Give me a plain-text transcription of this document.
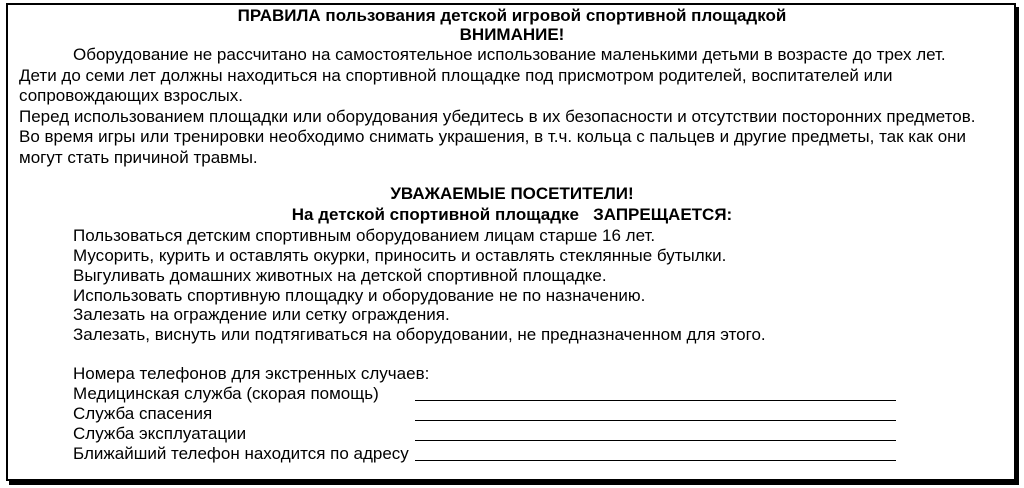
ПРАВИЛА пользования детской игровой спортивной площадкой
ВНИМАНИЕ!
Оборудование не рассчитано на самостоятельное использование маленькими детьми в возрасте до трех лет.
Дети до семи лет должны находиться на спортивной площадке под присмотром родителей, воспитателей или
сопровождающих взрослых.
Перед использованием площадки или оборудования убедитесь в их безопасности и отсутствии посторонних предметов.
Во время игры или тренировки необходимо снимать украшения, в т.ч. кольца с пальцев и другие предметы, так как они
могут стать причиной травмы.
УВАЖАЕМЫЕ ПОСЕТИТЕЛИ!
На детской спортивной площадке   ЗАПРЕЩАЕТСЯ:
Пользоваться детским спортивным оборудованием лицам старше 16 лет.
Мусорить, курить и оставлять окурки, приносить и оставлять стеклянные бутылки.
Выгуливать домашних животных на детской спортивной площадке.
Использовать спортивную площадку и оборудование не по назначению.
Залезать на ограждение или сетку ограждения.
Залезать, виснуть или подтягиваться на оборудовании, не предназначенном для этого.
Номера телефонов для экстренных случаев:
Медицинская служба (скорая помощь)
Служба спасения
Служба эксплуатации
Ближайший телефон находится по адресу
